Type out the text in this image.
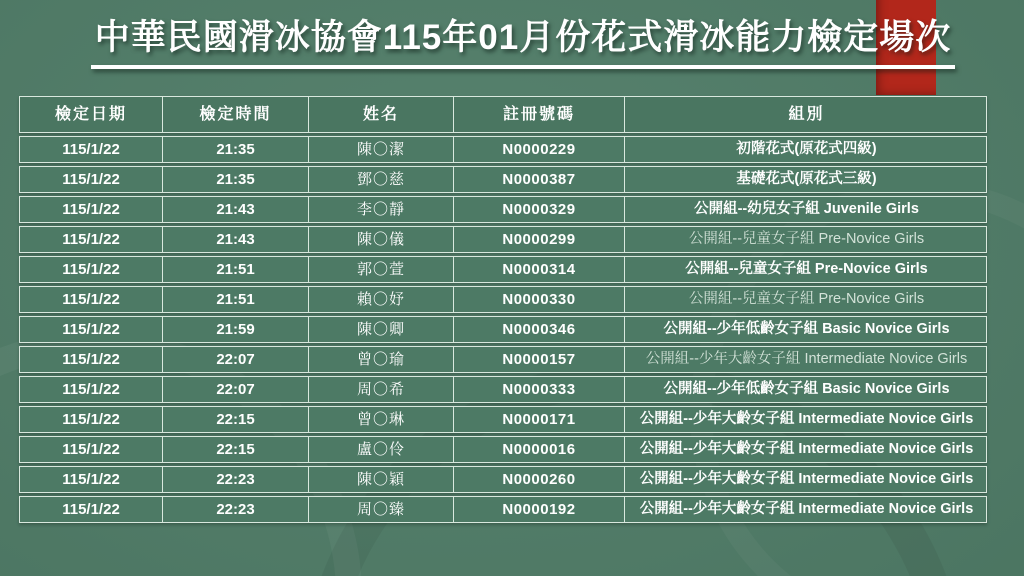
中華民國滑冰協會115年01月份花式滑冰能力檢定場次
檢定日期	檢定時間	姓名	註冊號碼	組別
115/1/22	21:35	陳〇潔	N0000229	初階花式(原花式四級)
115/1/22	21:35	鄧〇慈	N0000387	基礎花式(原花式三級)
115/1/22	21:43	李〇靜	N0000329	公開組--幼兒女子組 Juvenile Girls
115/1/22	21:43	陳〇儀	N0000299	公開組--兒童女子組 Pre-Novice Girls
115/1/22	21:51	郭〇萱	N0000314	公開組--兒童女子組 Pre-Novice Girls
115/1/22	21:51	賴〇妤	N0000330	公開組--兒童女子組 Pre-Novice Girls
115/1/22	21:59	陳〇卿	N0000346	公開組--少年低齡女子組 Basic Novice Girls
115/1/22	22:07	曾〇瑜	N0000157	公開組--少年大齡女子組 Intermediate Novice Girls
115/1/22	22:07	周〇希	N0000333	公開組--少年低齡女子組 Basic Novice Girls
115/1/22	22:15	曾〇琳	N0000171	公開組--少年大齡女子組 Intermediate Novice Girls
115/1/22	22:15	盧〇伶	N0000016	公開組--少年大齡女子組 Intermediate Novice Girls
115/1/22	22:23	陳〇穎	N0000260	公開組--少年大齡女子組 Intermediate Novice Girls
115/1/22	22:23	周〇臻	N0000192	公開組--少年大齡女子組 Intermediate Novice Girls
